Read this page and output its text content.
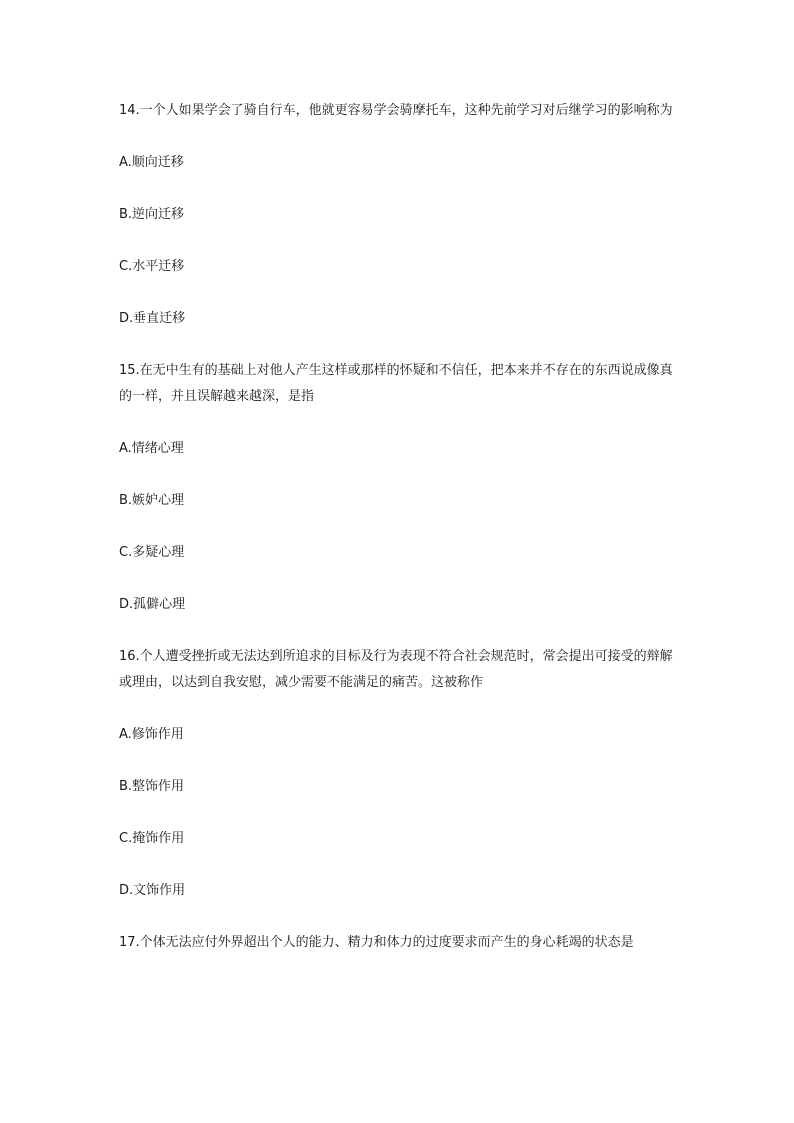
14.一个人如果学会了骑自行车，他就更容易学会骑摩托车，这种先前学习对后继学习的影响称为
A.顺向迁移
B.逆向迁移
C.水平迁移
D.垂直迁移
15.在无中生有的基础上对他人产生这样或那样的怀疑和不信任，把本来并不存在的东西说成像真的一样，并且误解越来越深，是指
A.情绪心理
B.嫉妒心理
C.多疑心理
D.孤僻心理
16.个人遭受挫折或无法达到所追求的目标及行为表现不符合社会规范时，常会提出可接受的辩解或理由，以达到自我安慰，减少需要不能满足的痛苦。这被称作
A.修饰作用
B.整饰作用
C.掩饰作用
D.文饰作用
17.个体无法应付外界超出个人的能力、精力和体力的过度要求而产生的身心耗竭的状态是
